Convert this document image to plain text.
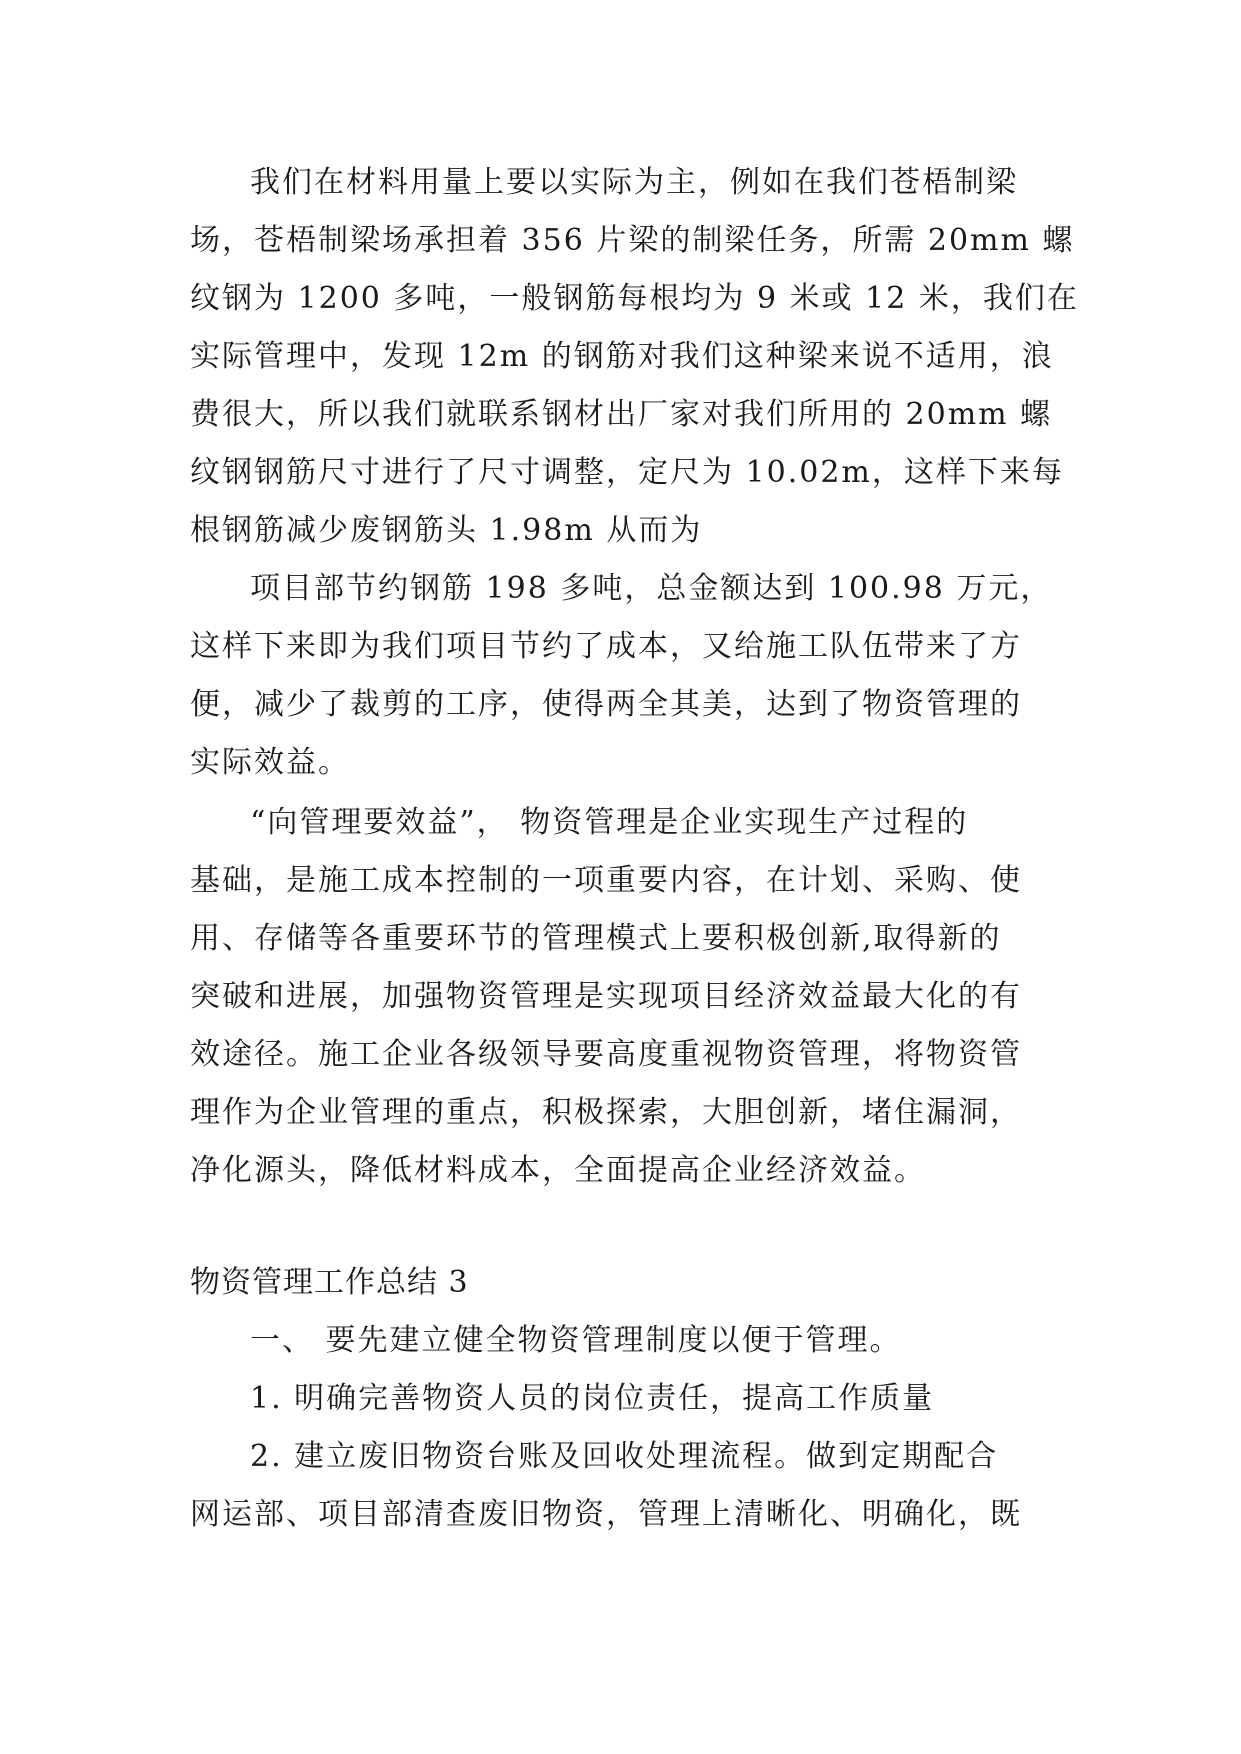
我们在材料用量上要以实际为主，例如在我们苍梧制梁
场，苍梧制梁场承担着 356 片梁的制梁任务，所需 20mm 螺
纹钢为 1200 多吨，一般钢筋每根均为 9 米或 12 米，我们在
实际管理中，发现 12m 的钢筋对我们这种梁来说不适用，浪
费很大，所以我们就联系钢材出厂家对我们所用的 20mm 螺
纹钢钢筋尺寸进行了尺寸调整，定尺为 10.02m，这样下来每
根钢筋减少废钢筋头 1.98m 从而为
项目部节约钢筋 198 多吨，总金额达到 100.98 万元，
这样下来即为我们项目节约了成本，又给施工队伍带来了方
便，减少了裁剪的工序，使得两全其美，达到了物资管理的
实际效益。
“向管理要效益”， 物资管理是企业实现生产过程的
基础，是施工成本控制的一项重要内容，在计划、采购、使
用、存储等各重要环节的管理模式上要积极创新,取得新的
突破和进展，加强物资管理是实现项目经济效益最大化的有
效途径。施工企业各级领导要高度重视物资管理，将物资管
理作为企业管理的重点，积极探索，大胆创新，堵住漏洞，
净化源头，降低材料成本，全面提高企业经济效益。
物资管理工作总结 3
一、 要先建立健全物资管理制度以便于管理。
1. 明确完善物资人员的岗位责任，提高工作质量
2. 建立废旧物资台账及回收处理流程。做到定期配合
网运部、项目部清查废旧物资，管理上清晰化、明确化，既
